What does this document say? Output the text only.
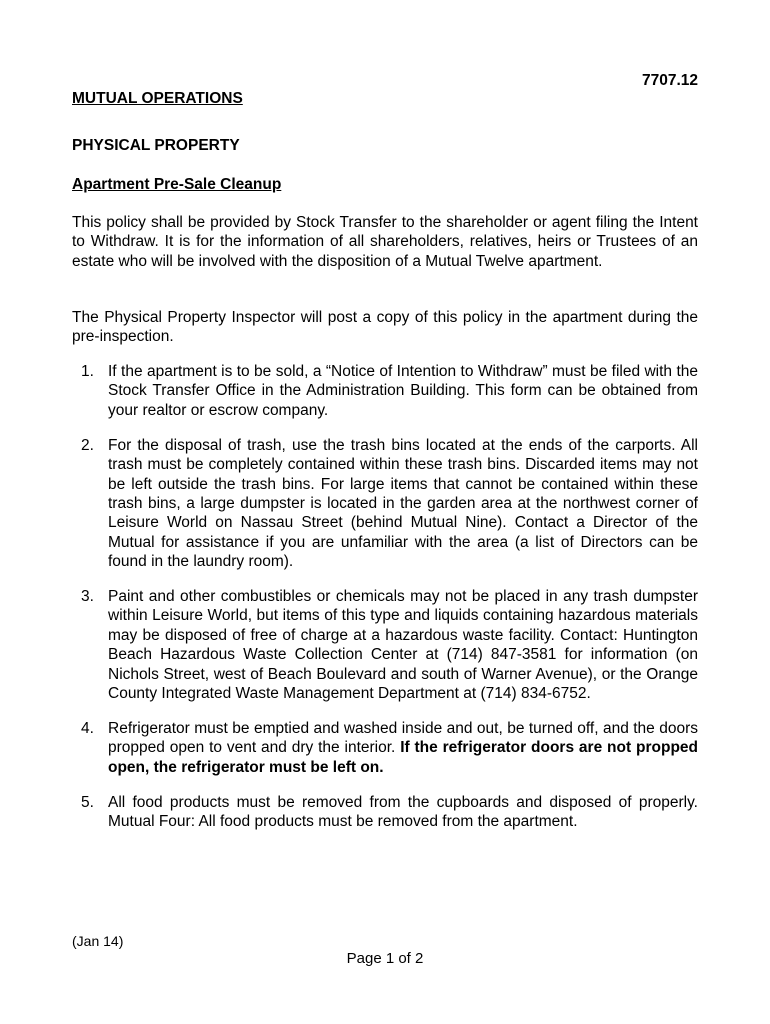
7707.12
MUTUAL OPERATIONS
PHYSICAL PROPERTY
Apartment Pre-Sale Cleanup

This policy shall be provided by Stock Transfer to the shareholder or agent filing the Intent to Withdraw. It is for the information of all shareholders, relatives, heirs or Trustees of an estate who will be involved with the disposition of a Mutual Twelve apartment.

The Physical Property Inspector will post a copy of this policy in the apartment during the pre-inspection.

1. If the apartment is to be sold, a “Notice of Intention to Withdraw” must be filed with the Stock Transfer Office in the Administration Building. This form can be obtained from your realtor or escrow company.
2. For the disposal of trash, use the trash bins located at the ends of the carports. All trash must be completely contained within these trash bins. Discarded items may not be left outside the trash bins. For large items that cannot be contained within these trash bins, a large dumpster is located in the garden area at the northwest corner of Leisure World on Nassau Street (behind Mutual Nine). Contact a Director of the Mutual for assistance if you are unfamiliar with the area (a list of Directors can be found in the laundry room).
3. Paint and other combustibles or chemicals may not be placed in any trash dumpster within Leisure World, but items of this type and liquids containing hazardous materials may be disposed of free of charge at a hazardous waste facility. Contact: Huntington Beach Hazardous Waste Collection Center at (714) 847-3581 for information (on Nichols Street, west of Beach Boulevard and south of Warner Avenue), or the Orange County Integrated Waste Management Department at (714) 834-6752.
4. Refrigerator must be emptied and washed inside and out, be turned off, and the doors propped open to vent and dry the interior. If the refrigerator doors are not propped open, the refrigerator must be left on.
5. All food products must be removed from the cupboards and disposed of properly. Mutual Four: All food products must be removed from the apartment.
(Jan 14)
Page 1 of 2
